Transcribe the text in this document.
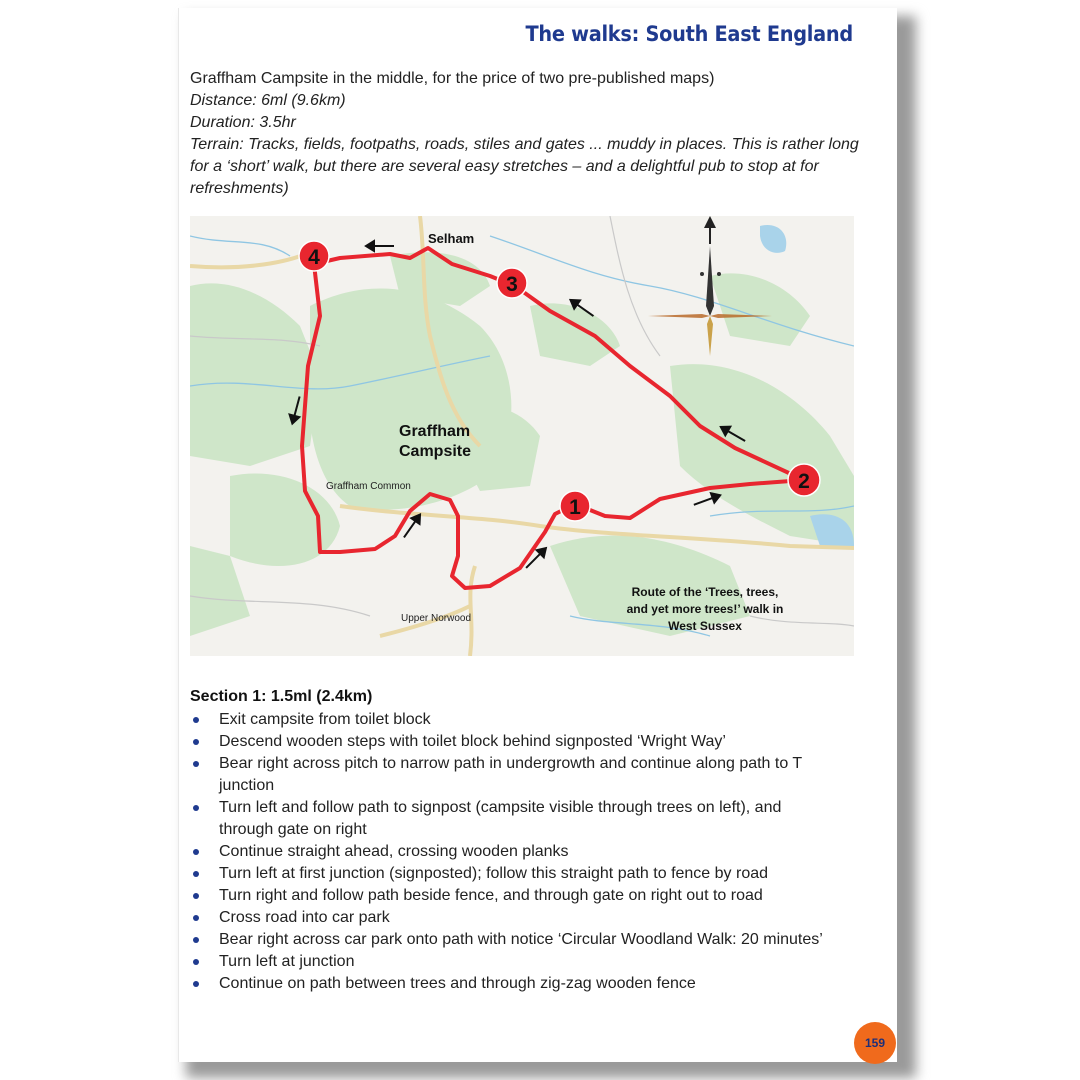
The walks: South East England

Graffham Campsite in the middle, for the price of two pre-published maps)

Distance: 6ml (9.6km)

Duration: 3.5hr

Terrain: Tracks, fields, footpaths, roads, stiles and gates ... muddy in places. This is rather long for a ‘short’ walk, but there are several easy stretches – and a delightful pub to stop at for refreshments)

1
2
3
4
Selham
Graffham
Campsite
Graffham Common
Upper Norwood
Route of the ‘Trees, trees,
and yet more trees!’ walk in
West Sussex
Section 1: 1.5ml (2.4km)
Exit campsite from toilet block
Descend wooden steps with toilet block behind signposted ‘Wright Way’
Bear right across pitch to narrow path in undergrowth and continue along path to T junction
Turn left and follow path to signpost (campsite visible through trees on left), and through gate on right
Continue straight ahead, crossing wooden planks
Turn left at first junction (signposted); follow this straight path to fence by road
Turn right and follow path beside fence, and through gate on right out to road
Cross road into car park
Bear right across car park onto path with notice ‘Circular Woodland Walk: 20 minutes’
Turn left at junction
Continue on path between trees and through zig-zag wooden fence
159
